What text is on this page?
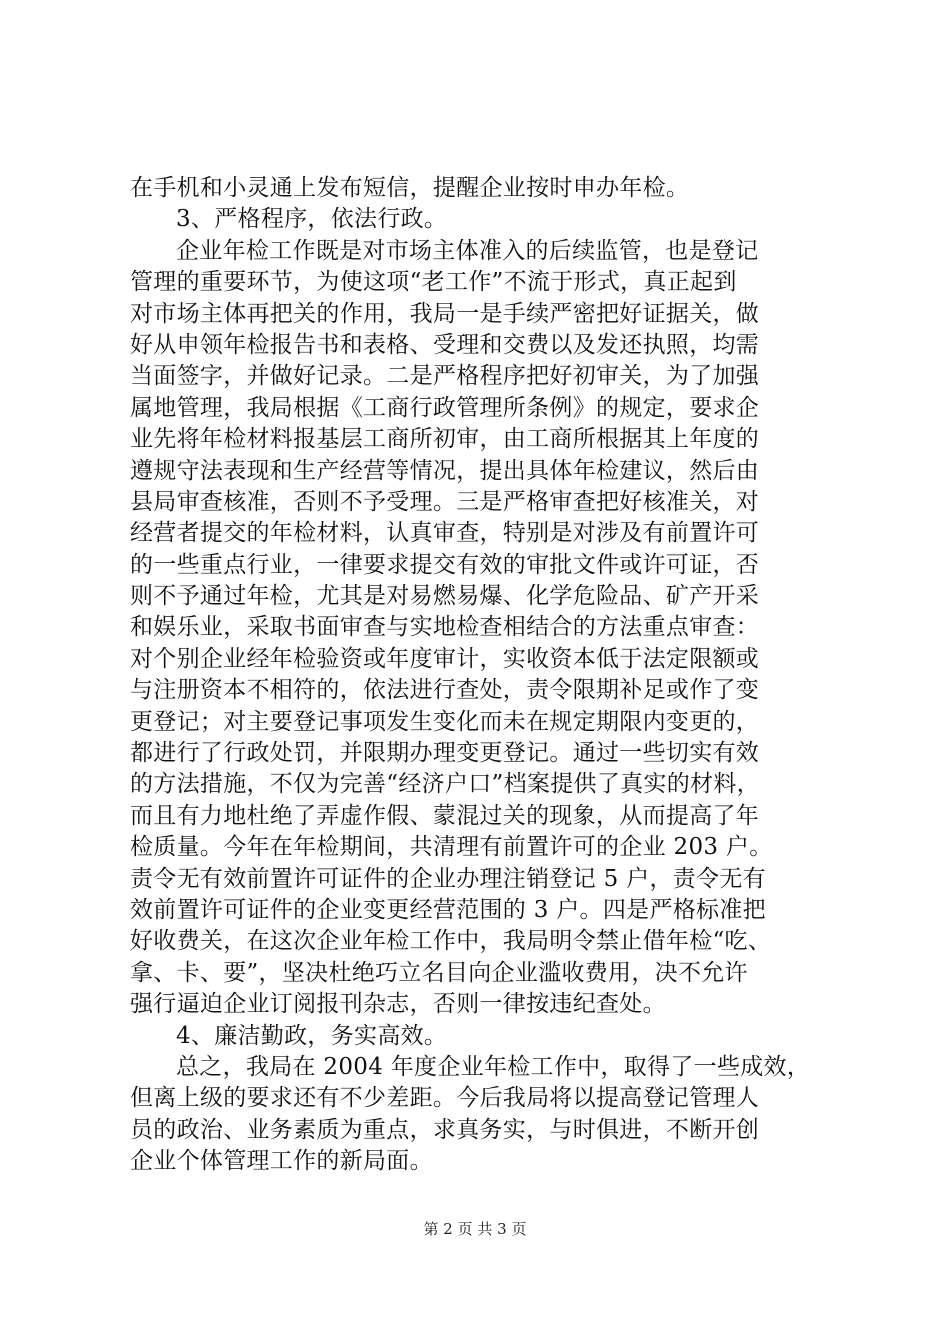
在手机和小灵通上发布短信，提醒企业按时申办年检。
3、严格程序，依法行政。
企业年检工作既是对市场主体准入的后续监管，也是登记
管理的重要环节，为使这项“老工作”不流于形式，真正起到
对市场主体再把关的作用，我局一是手续严密把好证据关，做
好从申领年检报告书和表格、受理和交费以及发还执照，均需
当面签字，并做好记录。二是严格程序把好初审关，为了加强
属地管理，我局根据《工商行政管理所条例》的规定，要求企
业先将年检材料报基层工商所初审，由工商所根据其上年度的
遵规守法表现和生产经营等情况，提出具体年检建议，然后由
县局审查核准，否则不予受理。三是严格审查把好核准关，对
经营者提交的年检材料，认真审查，特别是对涉及有前置许可
的一些重点行业，一律要求提交有效的审批文件或许可证，否
则不予通过年检，尤其是对易燃易爆、化学危险品、矿产开采
和娱乐业，采取书面审查与实地检查相结合的方法重点审查：
对个别企业经年检验资或年度审计，实收资本低于法定限额或
与注册资本不相符的，依法进行查处，责令限期补足或作了变
更登记；对主要登记事项发生变化而未在规定期限内变更的，
都进行了行政处罚，并限期办理变更登记。通过一些切实有效
的方法措施，不仅为完善“经济户口”档案提供了真实的材料，
而且有力地杜绝了弄虚作假、蒙混过关的现象，从而提高了年
检质量。今年在年检期间，共清理有前置许可的企业 203 户。
责令无有效前置许可证件的企业办理注销登记 5 户，责令无有
效前置许可证件的企业变更经营范围的 3 户。四是严格标准把
好收费关，在这次企业年检工作中，我局明令禁止借年检“吃、
拿、卡、要”，坚决杜绝巧立名目向企业滥收费用，决不允许
强行逼迫企业订阅报刊杂志，否则一律按违纪查处。
4、廉洁勤政，务实高效。
总之，我局在 2004 年度企业年检工作中，取得了一些成效，
但离上级的要求还有不少差距。今后我局将以提高登记管理人
员的政治、业务素质为重点，求真务实，与时俱进，不断开创
企业个体管理工作的新局面。
第 2 页 共 3 页
